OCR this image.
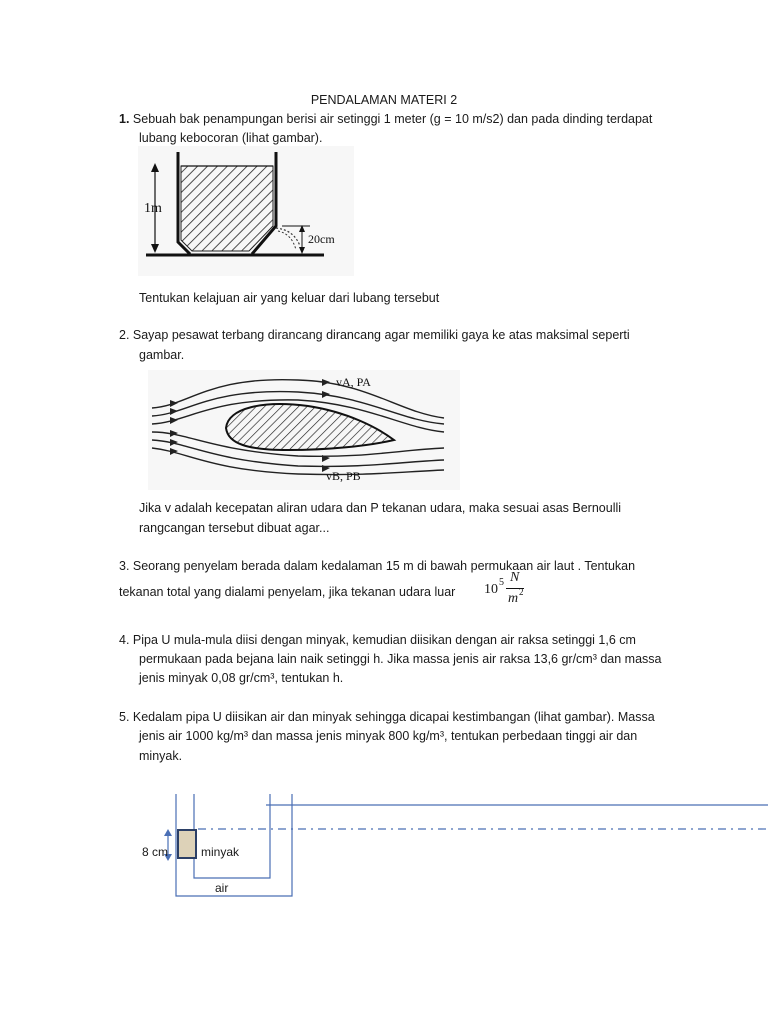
PENDALAMAN MATERI 2
1. Sebuah bak penampungan berisi air setinggi 1 meter (g = 10 m/s2) dan pada dinding terdapat
lubang kebocoran (lihat gambar).
1m
20cm
Tentukan kelajuan air yang keluar dari lubang tersebut
2. Sayap pesawat terbang dirancang dirancang agar memiliki gaya ke atas maksimal seperti
gambar.
vA, PA
vB, PB
Jika v adalah kecepatan aliran udara dan P tekanan udara, maka sesuai asas Bernoulli
rangcangan tersebut dibuat agar...
3. Seorang penyelam berada dalam kedalaman 15 m di bawah permukaan air laut . Tentukan
tekanan total yang dialami penyelam, jika tekanan udara luar 10 5 N
m 2
4. Pipa U mula-mula diisi dengan minyak, kemudian diisikan dengan air raksa setinggi 1,6 cm
permukaan pada bejana lain naik setinggi h. Jika massa jenis air raksa 13,6 gr/cm³ dan massa
jenis minyak 0,08 gr/cm³, tentukan h.
5. Kedalam pipa U diisikan air dan minyak sehingga dicapai kestimbangan (lihat gambar). Massa
jenis air 1000 kg/m³ dan massa jenis minyak 800 kg/m³, tentukan perbedaan tinggi air dan
minyak.
8 cm	minyak
air
